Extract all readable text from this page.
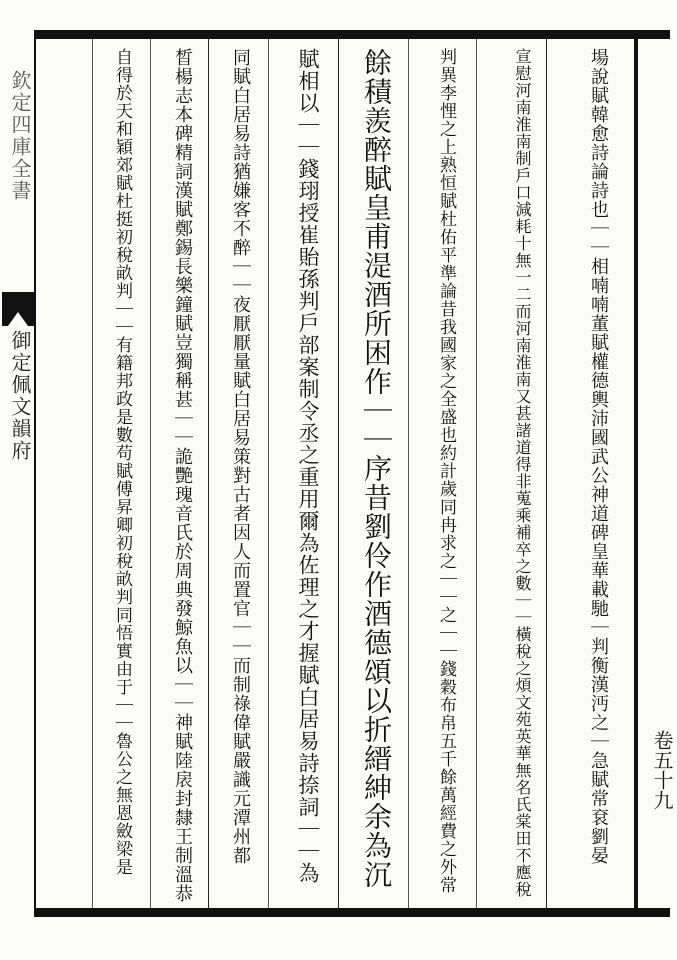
欽定四庫全書
御定佩文韻府	場說賦韓愈詩論詩也｜｜相喃喃董賦權德輿沛國武公神道碑皇華載馳｜判衡漢沔之｜急賦常袞劉晏
宣慰河南淮南制戶口減耗十無一二而河南淮南又甚諸道得非蒐乘補卒之數｜｜橫稅之煩文苑英華無名氏棠田不應稅
判異李悝之上熟恒賦杜佑平準論昔我國家之全盛也約計歲同冉求之｜｜之｜｜錢穀布帛五千餘萬經費之外常
餘積羨醉賦皇甫湜酒所困作｜｜序昔劉伶作酒德頌以折縉紳余為沉
賦相以｜｜錢珝授崔貽孫判戶部案制令丞之重用爾為佐理之才握賦白居易詩捺詞｜｜為
同賦白居易詩猶嫌客不醉｜｜夜厭厭量賦白居易策對古者因人而置官｜｜而制祿偉賦嚴識元潭州都
晳楊志本碑精詞漢賦鄭錫長樂鐘賦豈獨稱甚｜｜詭艷瑰音氏於周典發鯨魚以｜｜神賦陸扆封隸王制溫恭
自得於天和穎郊賦杜挺初稅畝判｜｜有籍邦政是數苟賦傅昇卿初稅畝判同悟實由于｜｜魯公之無恩斂梁是	卷五十九
